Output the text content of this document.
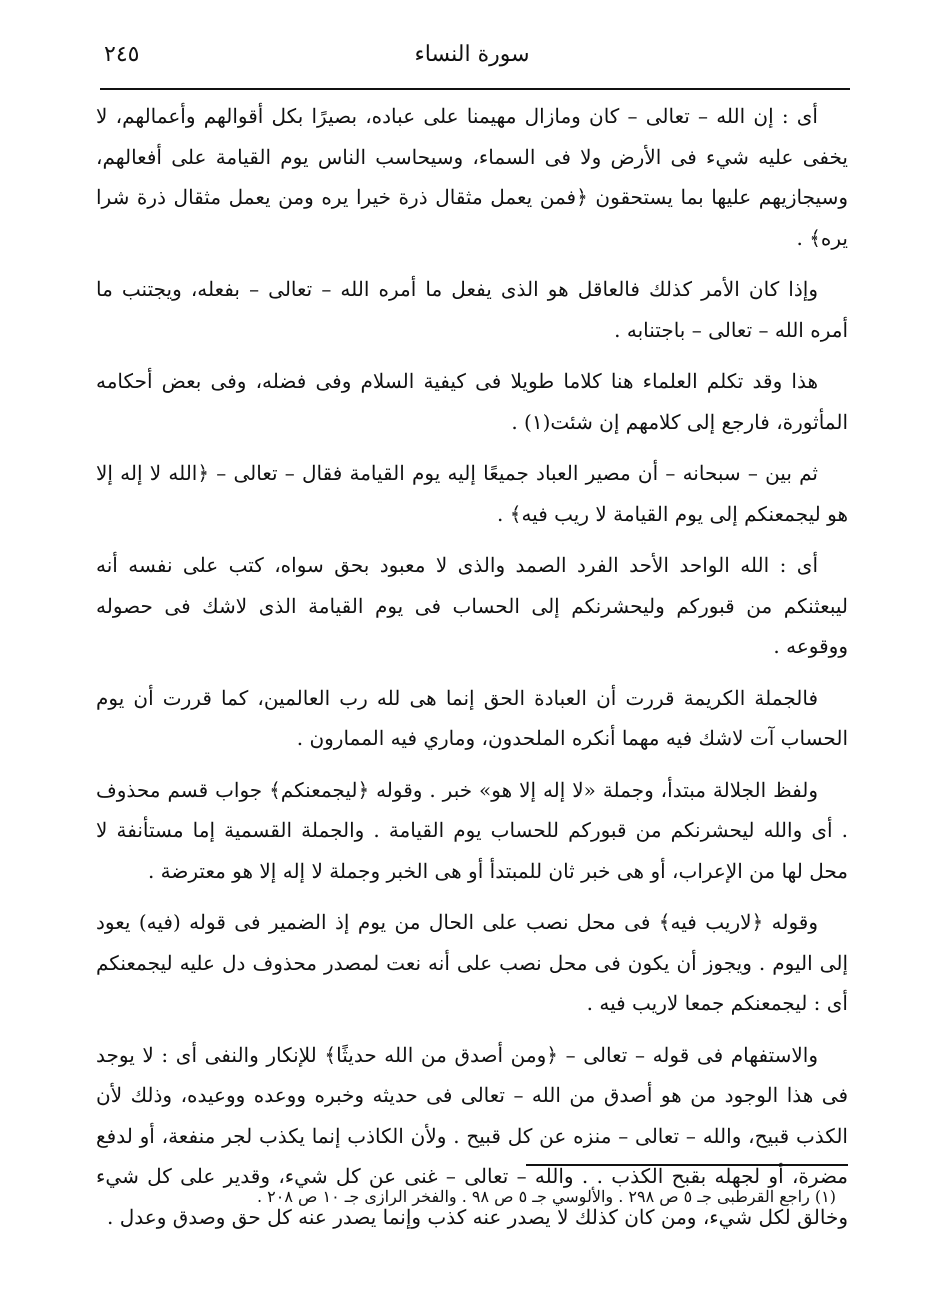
٢٤٥	سورة النساء

أى : إن الله – تعالى – كان ومازال مهيمنا على عباده، بصيرًا بكل أقوالهم وأعمالهم، لا يخفى عليه شيء فى الأرض ولا فى السماء، وسيحاسب الناس يوم القيامة على أفعالهم، وسيجازيهم عليها بما يستحقون ﴿فمن يعمل مثقال ذرة خيرا يره ومن يعمل مثقال ذرة شرا يره﴾ .

وإذا كان الأمر كذلك فالعاقل هو الذى يفعل ما أمره الله – تعالى – بفعله، ويجتنب ما أمره الله – تعالى – باجتنابه .

هذا وقد تكلم العلماء هنا كلاما طويلا فى كيفية السلام وفى فضله، وفى بعض أحكامه المأثورة، فارجع إلى كلامهم إن شئت(١) .

ثم بين – سبحانه – أن مصير العباد جميعًا إليه يوم القيامة فقال – تعالى – ﴿الله لا إله إلا هو ليجمعنكم إلى يوم القيامة لا ريب فيه﴾ .

أى : الله الواحد الأحد الفرد الصمد والذى لا معبود بحق سواه، كتب على نفسه أنه ليبعثنكم من قبوركم وليحشرنكم إلى الحساب فى يوم القيامة الذى لاشك فى حصوله ووقوعه .

فالجملة الكريمة قررت أن العبادة الحق إنما هى لله رب العالمين، كما قررت أن يوم الحساب آت لاشك فيه مهما أنكره الملحدون، وماري فيه الممارون .

ولفظ الجلالة مبتدأ، وجملة «لا إله إلا هو» خبر . وقوله ﴿ليجمعنكم﴾ جواب قسم محذوف . أى والله ليحشرنكم من قبوركم للحساب يوم القيامة . والجملة القسمية إما مستأنفة لا محل لها من الإعراب، أو هى خبر ثان للمبتدأ أو هى الخبر وجملة لا إله إلا هو معترضة .

وقوله ﴿لاريب فيه﴾ فى محل نصب على الحال من يوم إذ الضمير فى قوله (فيه) يعود إلى اليوم . ويجوز أن يكون فى محل نصب على أنه نعت لمصدر محذوف دل عليه ليجمعنكم أى : ليجمعنكم جمعا لاريب فيه .

والاستفهام فى قوله – تعالى – ﴿ومن أصدق من الله حديثًا﴾ للإنكار والنفى أى : لا يوجد فى هذا الوجود من هو أصدق من الله – تعالى فى حديثه وخبره ووعده ووعيده، وذلك لأن الكذب قبيح، والله – تعالى – منزه عن كل قبيح . ولأن الكاذب إنما يكذب لجر منفعة، أو لدفع مضرة، أو لجهله بقبح الكذب . . والله – تعالى – غنى عن كل شيء، وقدير على كل شيء وخالق لكل شيء، ومن كان كذلك لا يصدر عنه كذب وإنما يصدر عنه كل حق وصدق وعدل .

(١) راجع القرطبى جـ ٥ ص ٢٩٨ . والألوسي جـ ٥ ص ٩٨ . والفخر الرازى جـ ١٠ ص ٢٠٨ .
